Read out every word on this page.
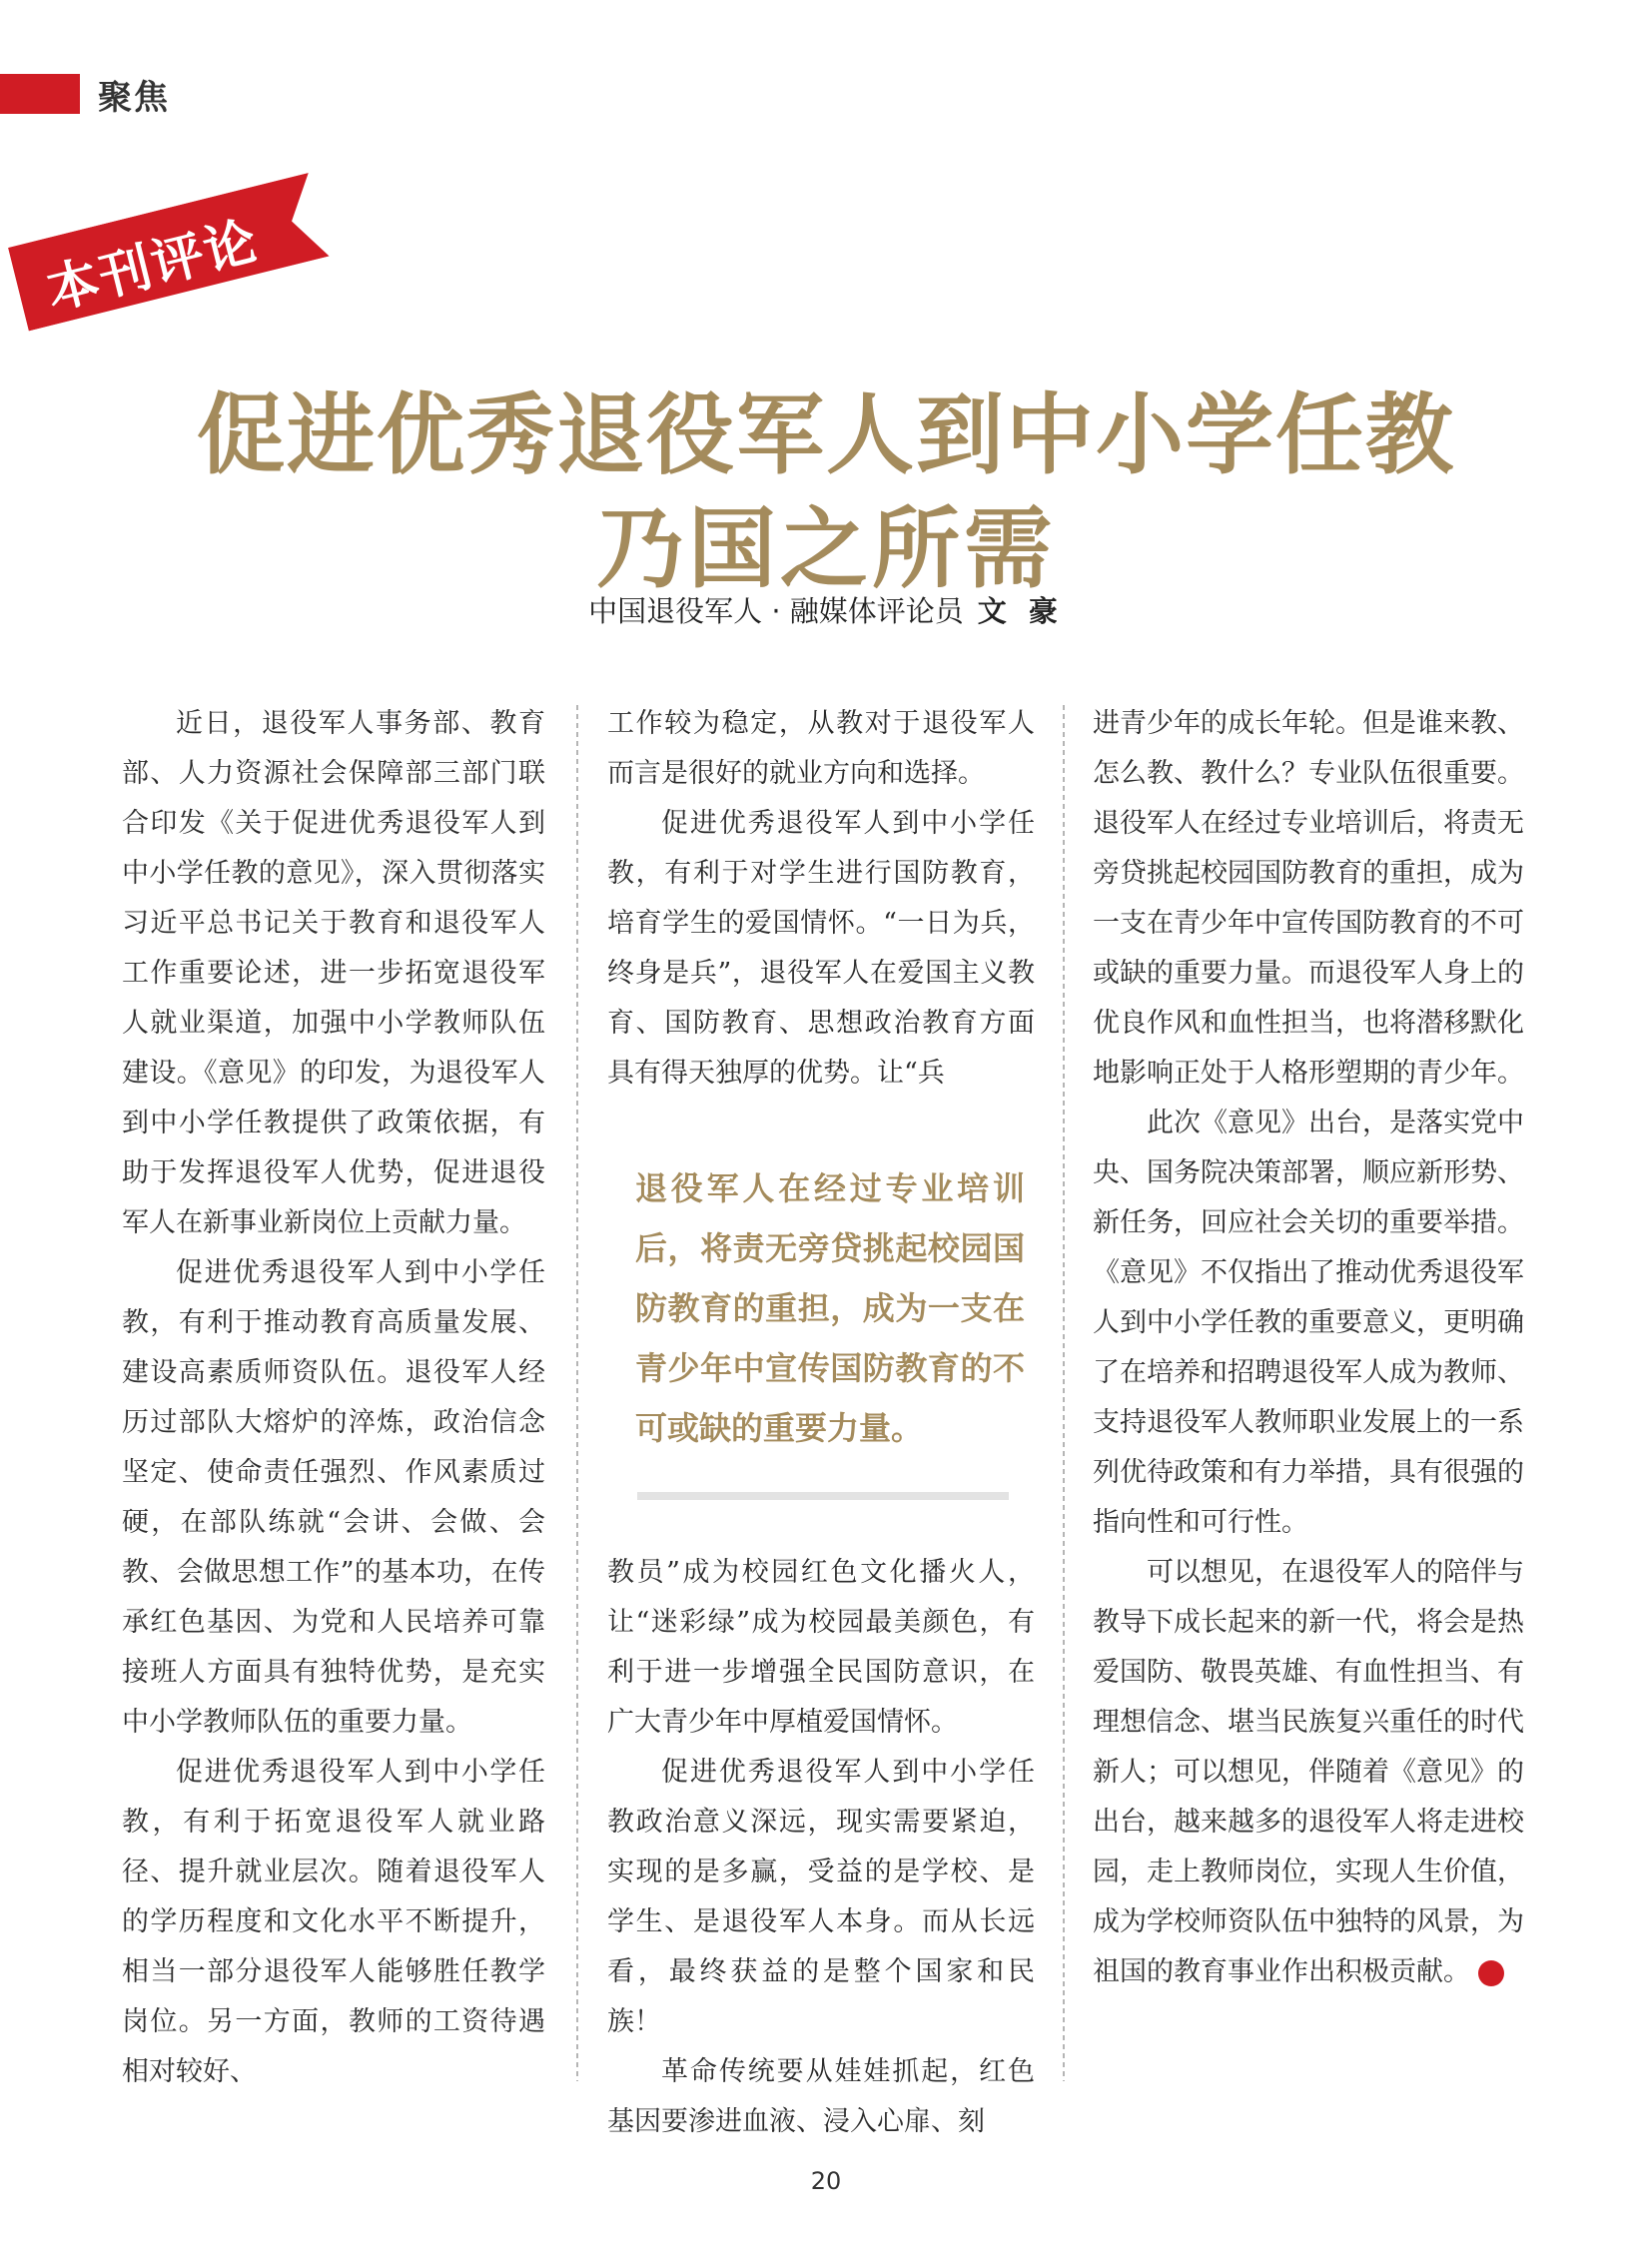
聚焦
本刊评论
促进优秀退役军人到中小学任教
乃国之所需
中国退役军人 · 融媒体评论员 文 豪

近日，退役军人事务部、教育部、人力资源社会保障部三部门联合印发《关于促进优秀退役军人到中小学任教的意见》，深入贯彻落实习近平总书记关于教育和退役军人工作重要论述，进一步拓宽退役军人就业渠道，加强中小学教师队伍建设。《意见》的印发，为退役军人到中小学任教提供了政策依据，有助于发挥退役军人优势，促进退役军人在新事业新岗位上贡献力量。

促进优秀退役军人到中小学任教，有利于推动教育高质量发展、建设高素质师资队伍。退役军人经历过部队大熔炉的淬炼，政治信念坚定、使命责任强烈、作风素质过硬，在部队练就“会讲、会做、会教、会做思想工作”的基本功，在传承红色基因、为党和人民培养可靠接班人方面具有独特优势，是充实中小学教师队伍的重要力量。

促进优秀退役军人到中小学任教，有利于拓宽退役军人就业路径、提升就业层次。随着退役军人的学历程度和文化水平不断提升，相当一部分退役军人能够胜任教学岗位。另一方面，教师的工资待遇相对较好、

工作较为稳定，从教对于退役军人而言是很好的就业方向和选择。

促进优秀退役军人到中小学任教，有利于对学生进行国防教育，培育学生的爱国情怀。“一日为兵，终身是兵”，退役军人在爱国主义教育、国防教育、思想政治教育方面具有得天独厚的优势。让“兵

退役军人在经过专业培训后，将责无旁贷挑起校园国防教育的重担，成为一支在青少年中宣传国防教育的不可或缺的重要力量。

教员”成为校园红色文化播火人，让“迷彩绿”成为校园最美颜色，有利于进一步增强全民国防意识，在广大青少年中厚植爱国情怀。

促进优秀退役军人到中小学任教政治意义深远，现实需要紧迫，实现的是多赢，受益的是学校、是学生、是退役军人本身。而从长远看，最终获益的是整个国家和民族！

革命传统要从娃娃抓起，红色基因要渗进血液、浸入心扉、刻

进青少年的成长年轮。但是谁来教、怎么教、教什么？专业队伍很重要。退役军人在经过专业培训后，将责无旁贷挑起校园国防教育的重担，成为一支在青少年中宣传国防教育的不可或缺的重要力量。而退役军人身上的优良作风和血性担当，也将潜移默化地影响正处于人格形塑期的青少年。

此次《意见》出台，是落实党中央、国务院决策部署，顺应新形势、新任务，回应社会关切的重要举措。《意见》不仅指出了推动优秀退役军人到中小学任教的重要意义，更明确了在培养和招聘退役军人成为教师、支持退役军人教师职业发展上的一系列优待政策和有力举措，具有很强的指向性和可行性。

可以想见，在退役军人的陪伴与教导下成长起来的新一代，将会是热爱国防、敬畏英雄、有血性担当、有理想信念、堪当民族复兴重任的时代新人；可以想见，伴随着《意见》的出台，越来越多的退役军人将走进校园，走上教师岗位，实现人生价值，成为学校师资队伍中独特的风景，为祖国的教育事业作出积极贡献。	▼

20
